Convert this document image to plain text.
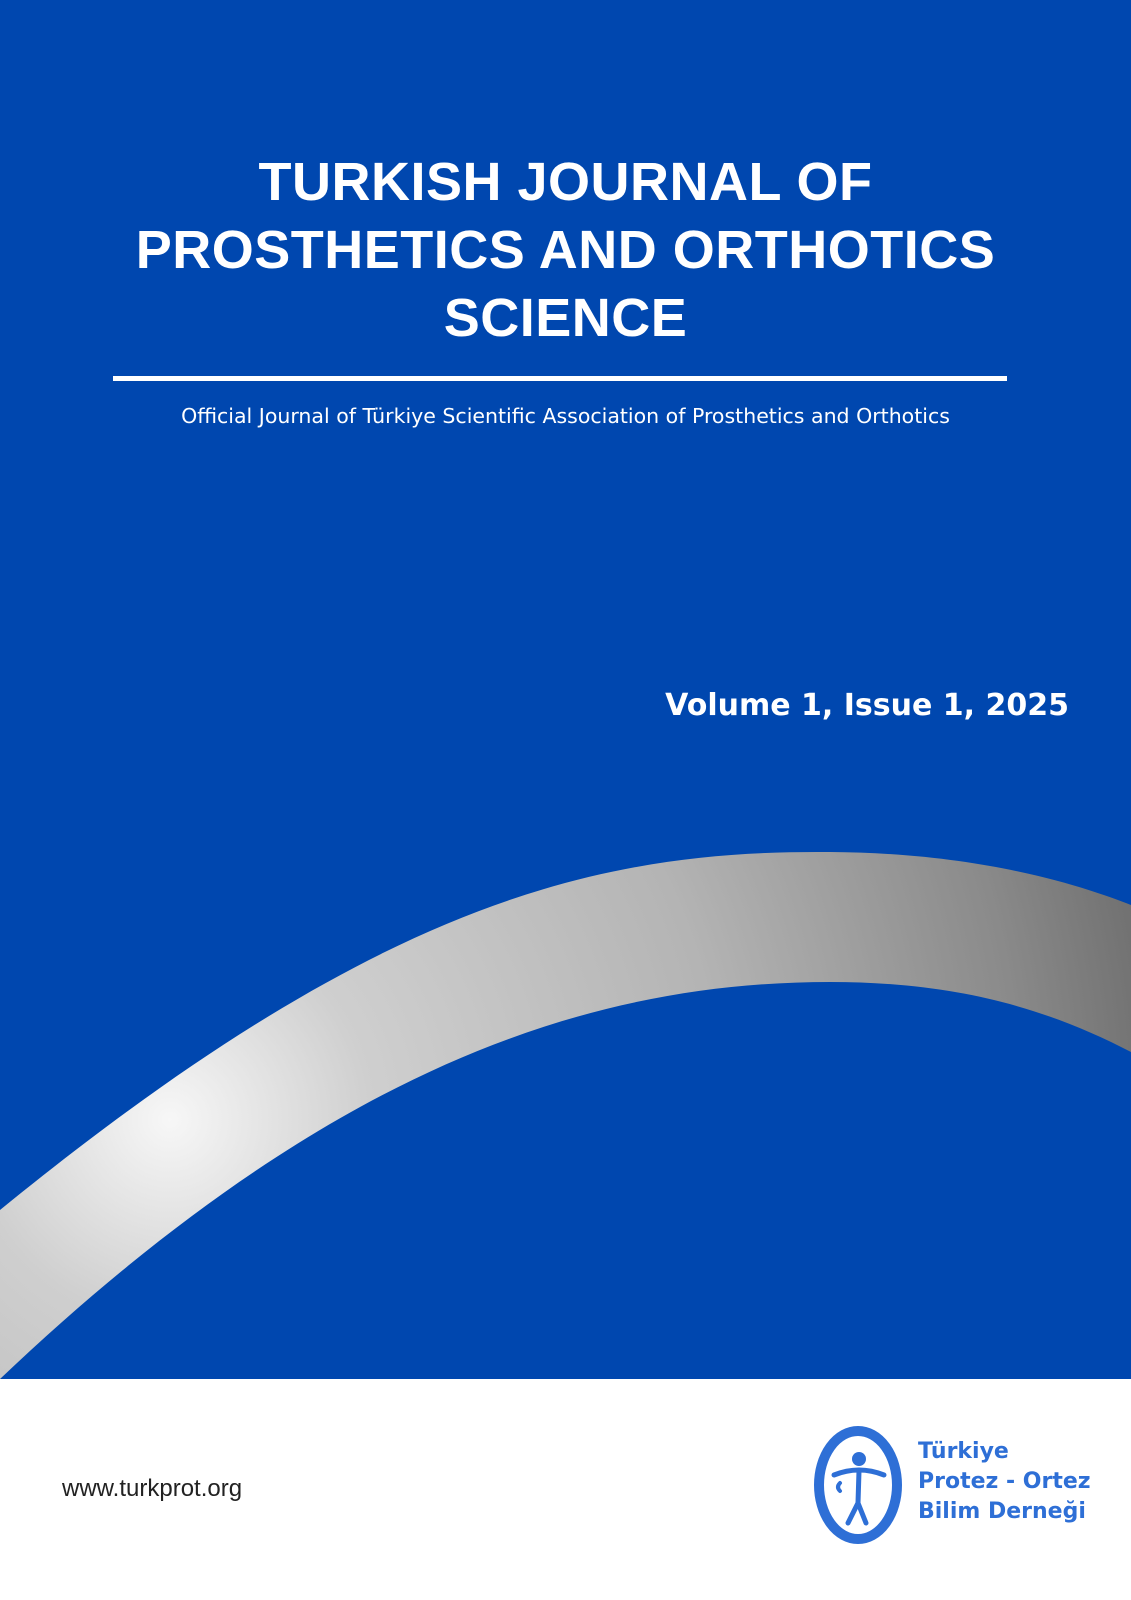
TURKISH JOURNAL OF
PROSTHETICS AND ORTHOTICS
SCIENCE
Official Journal of Türkiye Scientific Association of Prosthetics and Orthotics
Volume 1, Issue 1, 2025
www.turkprot.org
Türkiye
Protez - Ortez
Bilim Derneği
